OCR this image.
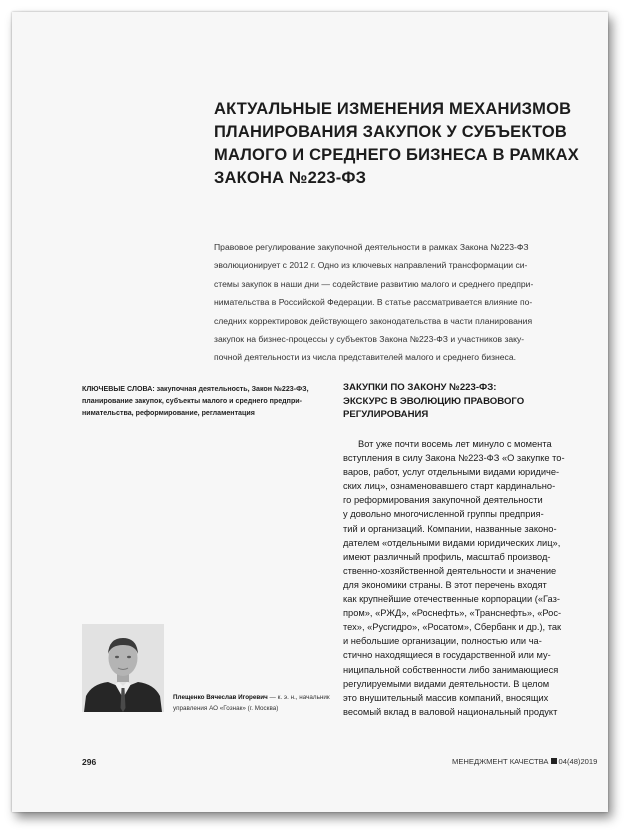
АКТУАЛЬНЫЕ ИЗМЕНЕНИЯ МЕХАНИЗМОВ
ПЛАНИРОВАНИЯ ЗАКУПОК У СУБЪЕКТОВ
МАЛОГО И СРЕДНЕГО БИЗНЕСА В РАМКАХ
ЗАКОНА №223-ФЗ
Правовое регулирование закупочной деятельности в рамках Закона №223-ФЗ
эволюционирует с 2012 г. Одно из ключевых направлений трансформации си-
стемы закупок в наши дни — содействие развитию малого и среднего предпри-
нимательства в Российской Федерации. В статье рассматривается влияние по-
следних корректировок действующего законодательства в части планирования
закупок на бизнес-процессы у субъектов Закона №223-ФЗ и участников заку-
почной деятельности из числа представителей малого и среднего бизнеса.
КЛЮЧЕВЫЕ СЛОВА: закупочная деятельность, Закон №223-ФЗ,
планирование закупок, субъекты малого и среднего предпри-
нимательства, реформирование, регламентация
ЗАКУПКИ ПО ЗАКОНУ №223-ФЗ:
ЭКСКУРС В ЭВОЛЮЦИЮ ПРАВОВОГО
РЕГУЛИРОВАНИЯ
Вот уже почти восемь лет минуло с момента
вступления в силу Закона №223-ФЗ «О закупке то-
варов, работ, услуг отдельными видами юридиче-
ских лиц», ознаменовавшего старт кардинально-
го реформирования закупочной деятельности
у довольно многочисленной группы предприя-
тий и организаций. Компании, названные законо-
дателем «отдельными видами юридических лиц»,
имеют различный профиль, масштаб производ-
ственно-хозяйственной деятельности и значение
для экономики страны. В этот перечень входят
как крупнейшие отечественные корпорации («Газ-
пром», «РЖД», «Роснефть», «Транснефть», «Рос-
тех», «Русгидро», «Росатом», Сбербанк и др.), так
и небольшие организации, полностью или ча-
стично находящиеся в государственной или му-
ниципальной собственности либо занимающиеся
регулируемыми видами деятельности. В целом
это внушительный массив компаний, вносящих
весомый вклад в валовой национальный продукт
Плещенко Вячеслав Игоревич — к. э. н., начальник
управления АО «Гознак» (г. Москва)
296	МЕНЕДЖМЕНТ КАЧЕСТВА 04(48)2019
